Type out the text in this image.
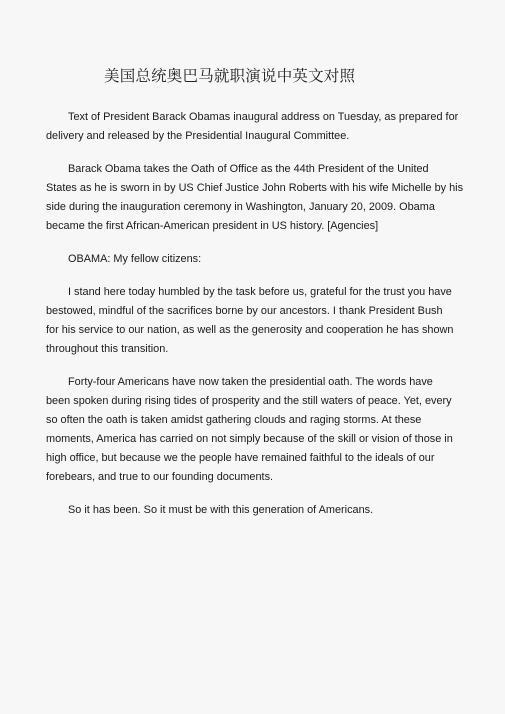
美国总统奥巴马就职演说中英文对照

Text of President Barack Obamas inaugural address on Tuesday, as prepared for
delivery and released by the Presidential Inaugural Committee.

Barack Obama takes the Oath of Office as the 44th President of the United
States as he is sworn in by US Chief Justice John Roberts with his wife Michelle by his
side during the inauguration ceremony in Washington, January 20, 2009. Obama
became the first African-American president in US history. [Agencies]

OBAMA: My fellow citizens:

I stand here today humbled by the task before us, grateful for the trust you have
bestowed, mindful of the sacrifices borne by our ancestors. I thank President Bush
for his service to our nation, as well as the generosity and cooperation he has shown
throughout this transition.

Forty-four Americans have now taken the presidential oath. The words have
been spoken during rising tides of prosperity and the still waters of peace. Yet, every
so often the oath is taken amidst gathering clouds and raging storms. At these
moments, America has carried on not simply because of the skill or vision of those in
high office, but because we the people have remained faithful to the ideals of our
forebears, and true to our founding documents.

So it has been. So it must be with this generation of Americans.
